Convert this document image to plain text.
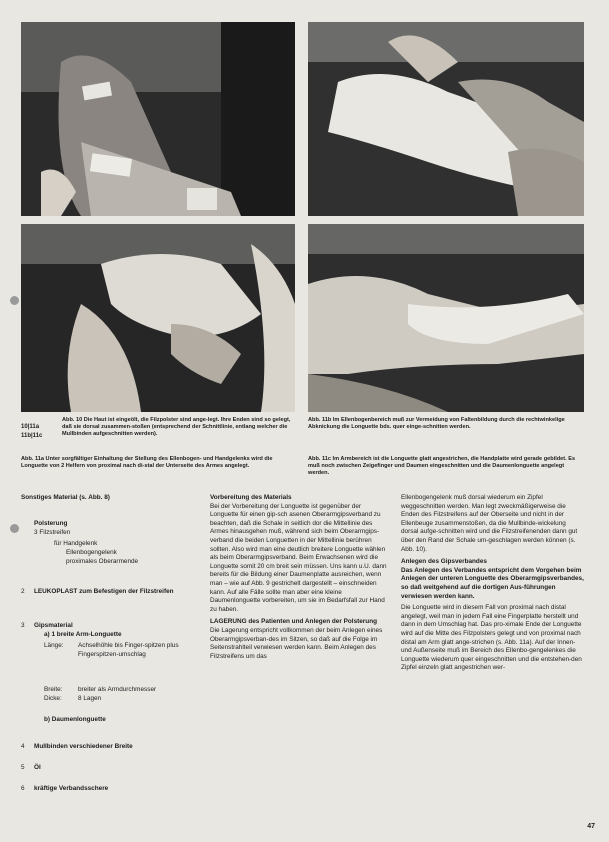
10|11a
11b|11c
Abb. 10 Die Haut ist eingeölt, die Filzpolster sind ange-legt. Ihre Enden sind so gelegt, daß sie dorsal zusammen-stoßen (entsprechend der Schnittlinie, entlang welcher die Mullbinden aufgeschnitten werden).
Abb. 11a Unter sorgfältiger Einhaltung der Stellung des Ellenbogen- und Handgelenks wird die Longuette von 2 Helfern von proximal nach di-stal der Unterseite des Armes angelegt.
Abb. 11b Im Ellenbogenbereich muß zur Vermeidung von Faltenbildung durch die rechtwinkelige Abknickung die Longuette bds. quer einge-schnitten werden.
Abb. 11c Im Armbereich ist die Longuette glatt angestrichen, die Handplatte wird gerade gebildet. Es muß noch zwischen Zeigefinger und Daumen eingeschnitten und die Daumenlonguette angelegt werden.

Sonstiges Material (s. Abb. 8)

Polsterung
3 Filzstreifen
für Handgelenk
Ellenbogengelenk
proximales Oberarmende
2 LEUKOPLAST zum Befestigen der Filzstreifen
3 Gipsmaterial
a) 1 breite Arm-Longuette
Länge: Achselhöhle bis Finger-spitzen plus Fingerspitzen-umschlag
Breite: breiter als Armdurchmesser
Dicke:	8 Lagen
b) Daumenlonguette
4 Mullbinden verschiedener Breite
5 Öl
6 kräftige Verbandsschere

Vorbereitung des Materials

Bei der Vorbereitung der Longuette ist gegenüber der Longuette für einen gip-sch asenen Oberarmgipsverband zu beachten, daß die Schale in seitlich dor die Mittellinie des Armes hinausgehen muß, während sich beim Oberarmgips-verband die beiden Longuetten in der Mittellinie berühren sollten. Also wird man eine deutlich breitere Longuette wählen als beim Oberarmgipsverband. Beim Erwachsenen wird die Longuette somit 20 cm breit sein müssen. Uns kann u.U. dann bereits für die Bildung einer Daumenplatte ausreichen, wenn man – wie auf Abb. 9 gestrichelt dargestellt – einschneiden kann. Auf alle Fälle sollte man aber eine kleine Daumenlonguette vorbereiten, um sie im Bedarfsfall zur Hand zu haben.

LAGERUNG des Patienten und Anlegen der Polsterung

Die Lagerung entspricht vollkommen der beim Anlegen eines Oberarmgipsverban-des im Sitzen, so daß auf die Folge im Seitenstrahlteil verwiesen werden kann. Beim Anlegen des Filzstreifens um das

Ellenbogengelenk muß dorsal wiederum ein Zipfel weggeschnitten werden. Man legt zweckmäßigerweise die Enden des Filzstreifens auf der Oberseite und nicht in der Ellenbeuge zusammenstoßen, da die Mullbinde-wickelung dorsal aufge-schnitten wird und die Filzstreifenenden dann gut über den Rand der Schale um-geschlagen werden können (s. Abb. 10).

Anlegen des Gipsverbandes

Das Anlegen des Verbandes entspricht dem Vorgehen beim Anlegen der unteren Longuette des Oberarmgipsverbandes, so daß weitgehend auf die dortigen Aus-führungen verwiesen werden kann.

Die Longuette wird in diesem Fall von proximal nach distal angelegt, weil man in jedem Fall eine Fingerplatte herstellt und dann in dem Umschlag hat. Das pro-ximale Ende der Longuette wird auf die Mitte des Filzpolsters gelegt und von proximal nach distal am Arm glatt ange-strichen (s. Abb. 11a). Auf der Innen- und Außenseite muß im Bereich des Ellenbo-gengelenkes die Longuette wiederum quer eingeschnitten und die entstehen-den Zipfel einzeln glatt angestrichen wer-

47
